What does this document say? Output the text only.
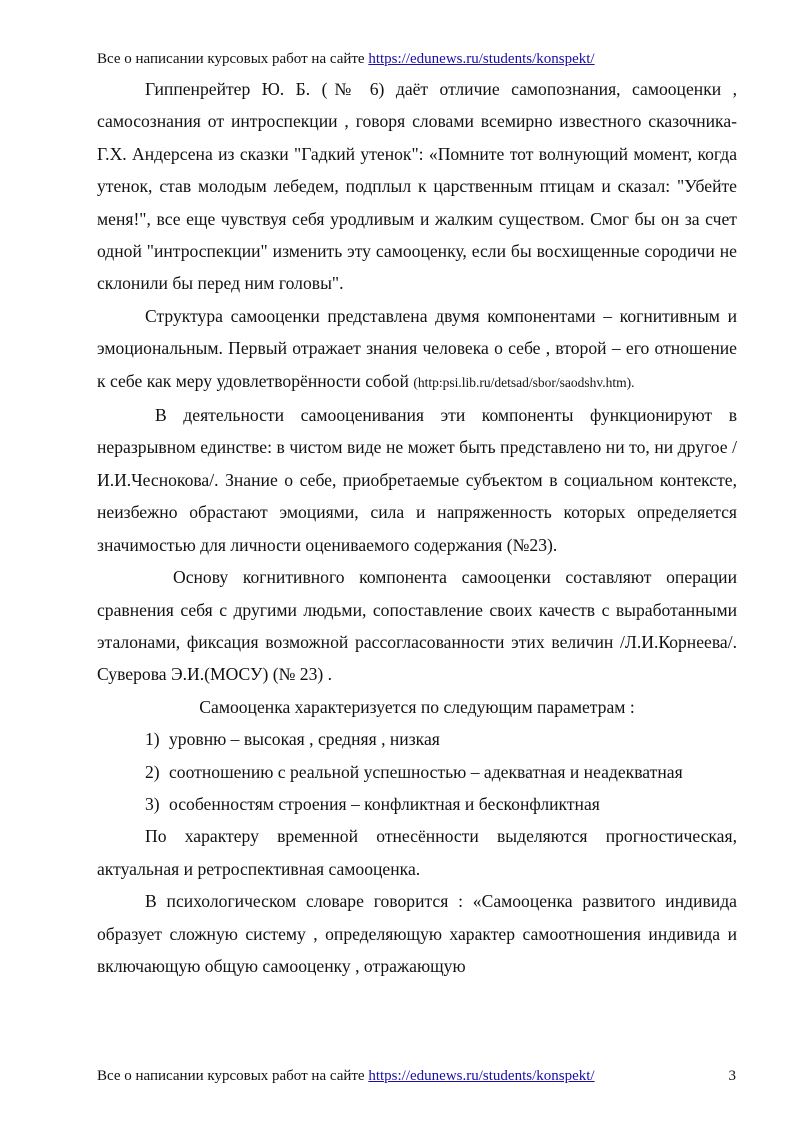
Все о написании курсовых работ на сайте https://edunews.ru/students/konspekt/

Гиппенрейтер Ю. Б. (№ 6) даёт отличие самопознания, самооценки , самосознания от интроспекции , говоря словами всемирно известного сказочника- Г.Х. Андерсена из сказки "Гадкий утенок": «Помните тот волнующий момент, когда утенок, став молодым лебедем, подплыл к царственным птицам и сказал: "Убейте меня!", все еще чувствуя себя уродливым и жалким существом. Смог бы он за счет одной "интроспекции" изменить эту самооценку, если бы восхищенные сородичи не склонили бы перед ним головы".

Структура самооценки представлена двумя компонентами – когнитивным и эмоциональным. Первый отражает знания человека о себе , второй – его отношение к себе как меру удовлетворённости собой (http:psi.lib.ru/detsad/sbor/saodshv.htm).

В деятельности самооценивания эти компоненты функционируют в неразрывном единстве: в чистом виде не может быть представлено ни то, ни другое /И.И.Чеснокова/. Знание о себе, приобретаемые субъектом в социальном контексте, неизбежно обрастают эмоциями, сила и напряженность которых определяется значимостью для личности оцениваемого содержания (№23).

Основу когнитивного компонента самооценки составляют операции сравнения себя с другими людьми, сопоставление своих качеств с выработанными эталонами, фиксация возможной рассогласованности этих величин /Л.И.Корнеева/. Суверова Э.И.(МОСУ) (№ 23) .

Самооценка характеризуется по следующим параметрам :

1) уровню – высокая , средняя , низкая
2) соотношению с реальной успешностью – адекватная и неадекватная
3) особенностям строения – конфликтная и бесконфликтная

По характеру временной отнесённости выделяются прогностическая, актуальная и ретроспективная самооценка.

В психологическом словаре говорится : «Самооценка развитого индивида образует сложную систему , определяющую характер самоотношения индивида и включающую общую самооценку , отражающую

Все о написании курсовых работ на сайте https://edunews.ru/students/konspekt/	3
